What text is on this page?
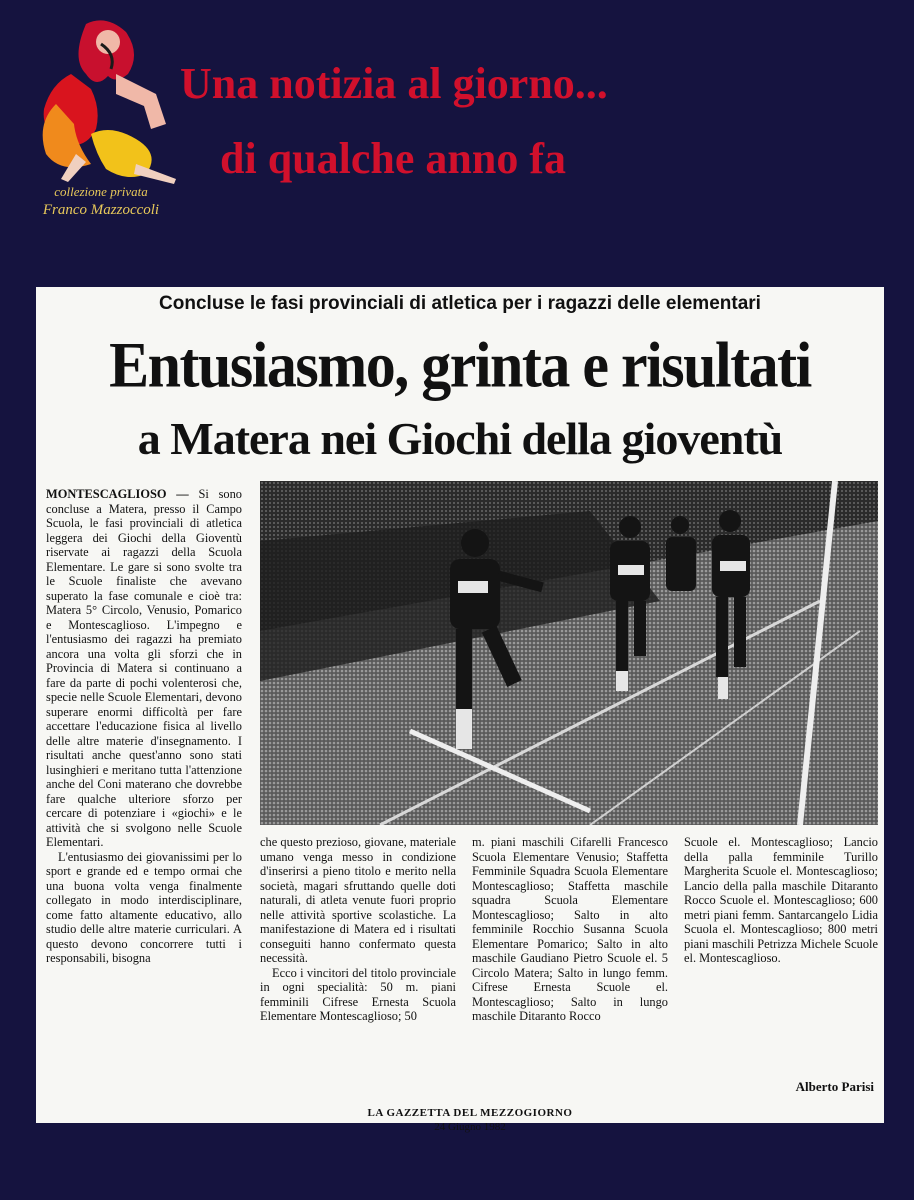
collezione privata
Franco Mazzoccoli
Una notizia al giorno...
di qualche anno fa
Concluse le fasi provinciali di atletica per i ragazzi delle elementari
Entusiasmo, grinta e risultati
a Matera nei Giochi della gioventù

MONTESCAGLIOSO — Si sono concluse a Matera, presso il Campo Scuola, le fasi provinciali di atletica leggera dei Giochi della Gioventù riservate ai ragazzi della Scuola Elementare. Le gare si sono svolte tra le Scuole finaliste che avevano superato la fase comunale e cioè tra: Matera 5° Circolo, Venusio, Pomarico e Montescaglioso. L'impegno e l'entusiasmo dei ragazzi ha premiato ancora una volta gli sforzi che in Provincia di Matera si continuano a fare da parte di pochi volenterosi che, specie nelle Scuole Elementari, devono superare enormi difficoltà per fare accettare l'educazione fisica al livello delle altre materie d'insegnamento. I risultati anche quest'anno sono stati lusinghieri e meritano tutta l'attenzione anche del Coni materano che dovrebbe fare qualche ulteriore sforzo per cercare di potenziare i «giochi» e le attività che si svolgono nelle Scuole Elementari.

L'entusiasmo dei giovanissimi per lo sport e grande ed e tempo ormai che una buona volta venga finalmente collegato in modo interdisciplinare, come fatto altamente educativo, allo studio delle altre materie curriculari. A questo devono concorrere tutti i responsabili, bisogna

che questo prezioso, giovane, materiale umano venga messo in condizione d'inserirsi a pieno titolo e merito nella società, magari sfruttando quelle doti naturali, di atleta venute fuori proprio nelle attività sportive scolastiche. La manifestazione di Matera ed i risultati conseguiti hanno confermato questa necessità.

Ecco i vincitori del titolo provinciale in ogni specialità: 50 m. piani femminili Cifrese Ernesta Scuola Elementare Montescaglioso; 50

m. piani maschili Cifarelli Francesco Scuola Elementare Venusio; Staffetta Femminile Squadra Scuola Elementare Montescaglioso; Staffetta maschile squadra Scuola Elementare Montescaglioso; Salto in alto femminile Rocchio Susanna Scuola Elementare Pomarico; Salto in alto maschile Gaudiano Pietro Scuole el. 5 Circolo Matera; Salto in lungo femm. Cifrese Ernesta Scuole el. Montescaglioso; Salto in lungo maschile Ditaranto Rocco

Scuole el. Montescaglioso; Lancio della palla femminile Turillo Margherita Scuole el. Montescaglioso; Lancio della palla maschile Ditaranto Rocco Scuole el. Montescaglioso; 600 metri piani femm. Santarcangelo Lidia Scuola el. Montescaglioso; 800 metri piani maschili Petrizza Michele Scuole el. Montescaglioso.

Alberto Parisi
LA GAZZETTA DEL MEZZOGIORNO
24 Giugno 1982
